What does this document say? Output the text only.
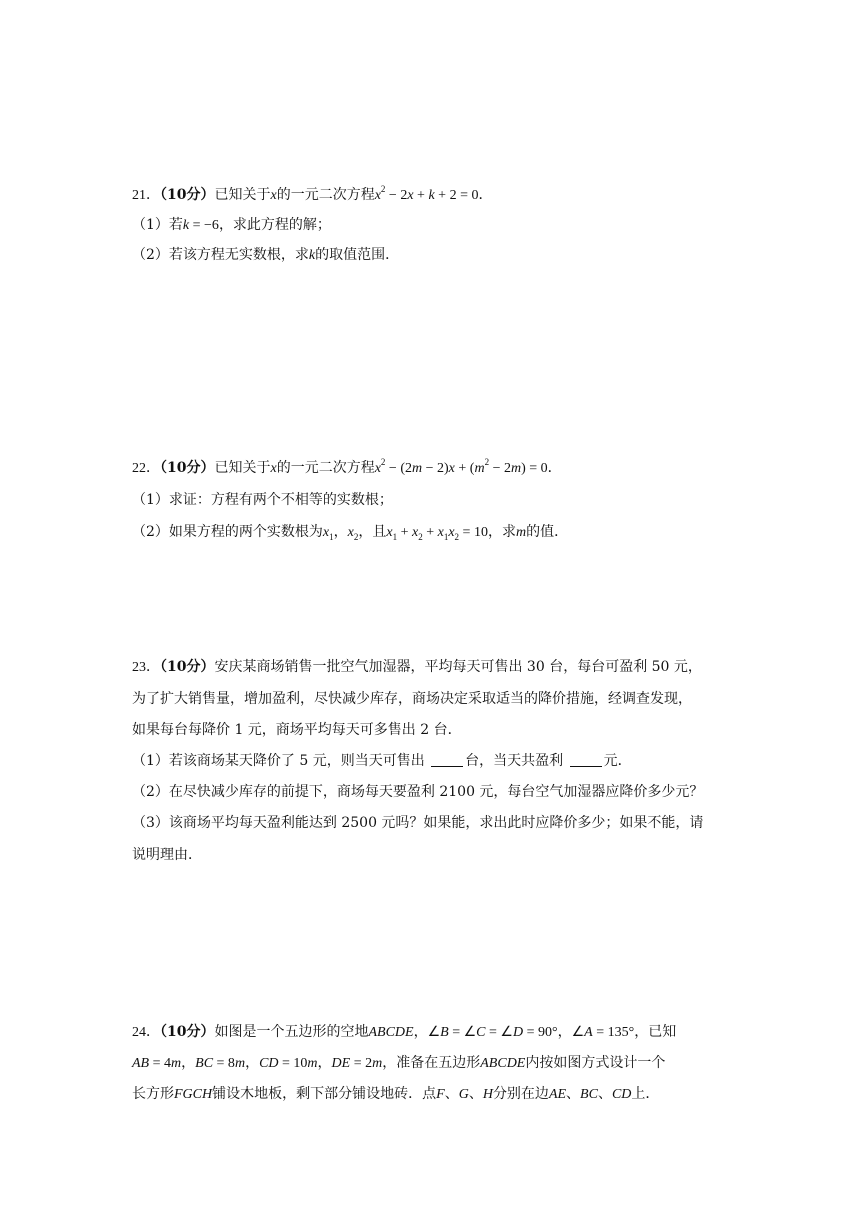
21．（10分）已知关于x的一元二次方程$x^2 - 2x + k + 2 = 0$．
（1）若k = −6，求此方程的解；
（2）若该方程无实数根，求k的取值范围．
22．（10分）已知关于x的一元二次方程$x^2 - (2m - 2)x + (m^2 - 2m) = 0$．
（1）求证：方程有两个不相等的实数根；
（2）如果方程的两个实数根为$x_1$，$x_2$，且$x_1 + x_2 + x_1x_2 = 10$，求m的值．
23．（10分）安庆某商场销售一批空气加湿器，平均每天可售出 30 台，每台可盈利 50 元，
为了扩大销售量，增加盈利，尽快减少库存，商场决定采取适当的降价措施，经调查发现，
如果每台每降价 1 元，商场平均每天可多售出 2 台．
（1）若该商场某天降价了 5 元，则当天可售出	台，当天共盈利	元．
（2）在尽快减少库存的前提下，商场每天要盈利 2100 元，每台空气加湿器应降价多少元？
（3）该商场平均每天盈利能达到 2500 元吗？如果能，求出此时应降价多少；如果不能，请
说明理由．
24．（10分）如图是一个五边形的空地ABCDE，∠B = ∠C = ∠D = 90°，∠A = 135°，已知
AB = 4m，BC = 8m，CD = 10m，DE = 2m，准备在五边形ABCDE内按如图方式设计一个
长方形FGCH铺设木地板，剩下部分铺设地砖．点F、G、H分别在边AE、BC、CD上．
